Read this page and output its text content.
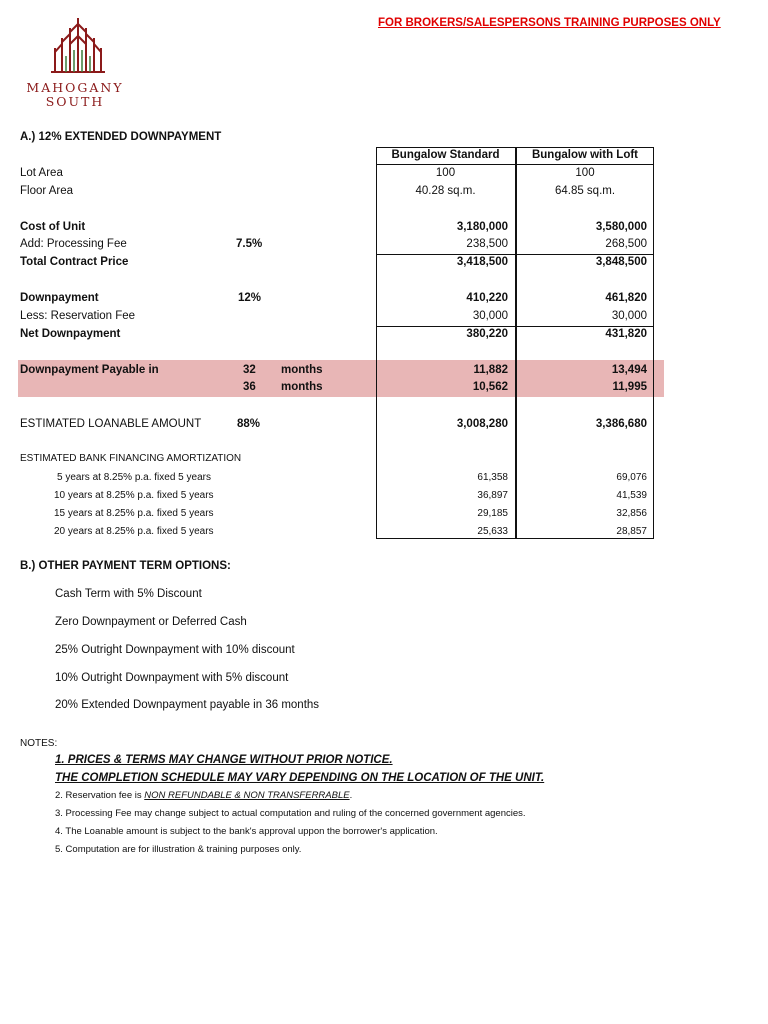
FOR BROKERS/SALESPERSONS TRAINING PURPOSES ONLY
MAHOGANY
SOUTH
A.) 12% EXTENDED DOWNPAYMENT
Bungalow Standard	Bungalow with Loft
Lot Area	100	100
Floor Area	40.28 sq.m.	64.85 sq.m.
Cost of Unit	3,180,000	3,580,000
Add: Processing Fee	7.5%	238,500	268,500
Total Contract Price	3,418,500	3,848,500
Downpayment	12%	410,220	461,820
Less: Reservation Fee	30,000	30,000
Net Downpayment	380,220	431,820
Downpayment Payable in	32 months	11,882	13,494
36 months	10,562	11,995
ESTIMATED LOANABLE AMOUNT	88%	3,008,280	3,386,680
ESTIMATED BANK FINANCING AMORTIZATION
5 years at 8.25% p.a. fixed 5 years	61,358	69,076
10 years at 8.25% p.a. fixed 5 years	36,897	41,539
15 years at 8.25% p.a. fixed 5 years	29,185	32,856
20 years at 8.25% p.a. fixed 5 years	25,633	28,857
B.) OTHER PAYMENT TERM OPTIONS:
Cash Term with 5% Discount
Zero Downpayment or Deferred Cash
25% Outright Downpayment with 10% discount
10% Outright Downpayment with 5% discount
20% Extended Downpayment payable in 36 months
NOTES:
1. PRICES & TERMS MAY CHANGE WITHOUT PRIOR NOTICE.
THE COMPLETION SCHEDULE MAY VARY DEPENDING ON THE LOCATION OF THE UNIT.
2. Reservation fee is NON REFUNDABLE & NON TRANSFERRABLE.
3. Processing Fee may change subject to actual computation and ruling of the concerned government agencies.
4. The Loanable amount is subject to the bank's approval uppon the borrower's application.
5. Computation are for illustration & training purposes only.
